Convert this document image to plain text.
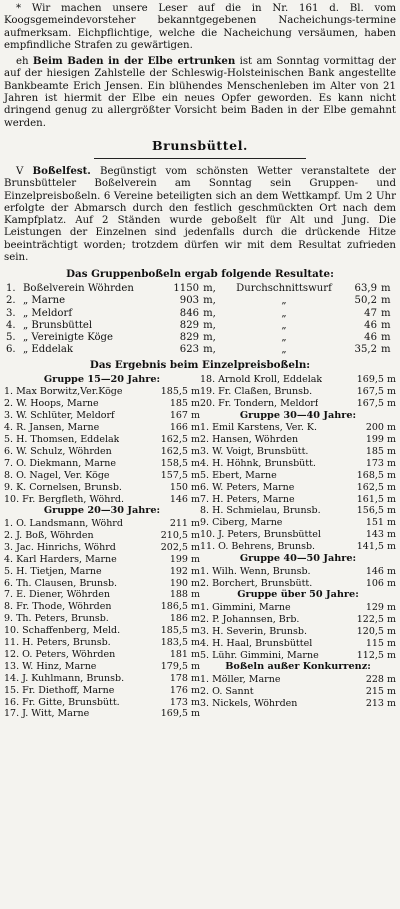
* Wir machen unsere Leser auf die in Nr. 161 d. Bl. vom Koogsgemeindevorsteher bekanntgegebenen Nacheichungs-termine aufmerksam. Eichpflichtige, welche die Nacheichung versäumen, haben empfindliche Strafen zu gewärtigen.

eh Beim Baden in der Elbe ertrunken ist am Sonntag vormittag der auf der hiesigen Zahlstelle der Schleswig-Holsteinischen Bank angestellte Bankbeamte Erich Jensen. Ein blühendes Menschenleben im Alter von 21 Jahren ist hiermit der Elbe ein neues Opfer geworden. Es kann nicht dringend genug zu allergrößter Vorsicht beim Baden in der Elbe gemahnt werden.

Brunsbüttel.

V Boßelfest. Begünstigt vom schönsten Wetter veranstaltete der Brunsbütteler Boßelverein am Sonntag sein Gruppen- und Einzelpreisboßeln. 6 Vereine beteiligten sich an dem Wettkampf. Um 2 Uhr erfolgte der Abmarsch durch den festlich geschmückten Ort nach dem Kampfplatz. Auf 2 Ständen wurde geboßelt für Alt und Jung. Die Leistungen der Einzelnen sind jedenfalls durch die drückende Hitze beeinträchtigt worden; trotzdem dürfen wir mit dem Resultat zufrieden sein.

Das Gruppenboßeln ergab folgende Resultate:
1.	Boßelverein Wöhrden	1150	m,	Durchschnittswurf	63,9	m
2.	„ Marne	903	m,	„	50,2	m
3.	„ Meldorf	846	m,	„	47	m
4.	„ Brunsbüttel	829	m,	„	46	m
5.	„ Vereinigte Köge	829	m,	„	46	m
6.	„ Eddelak	623	m,	„	35,2	m
Das Ergebnis beim Einzelpreisboßeln:
Gruppe 15—20 Jahre:
1. Max Borwitz,Ver.Köge	185,5 m
2. W. Hoops, Marne	185 m
3. W. Schlüter, Meldorf	167 m
4. R. Jansen, Marne	166 m
5. H. Thomsen, Eddelak	162,5 m
6. W. Schulz, Wöhrden	162,5 m
7. O. Diekmann, Marne	158,5 m
8. O. Nagel, Ver. Köge	157,5 m
9. K. Cornelsen, Brunsb.	150 m
10. Fr. Bergfleth, Wöhrd.	146 m
Gruppe 20—30 Jahre:
1. O. Landsmann, Wöhrd	211 m
2. J. Boß, Wöhrden	210,5 m
3. Jac. Hinrichs, Wöhrd	202,5 m
4. Karl Harders, Marne	199 m
5. H. Tietjen, Marne	192 m
6. Th. Clausen, Brunsb.	190 m
7. E. Diener, Wöhrden	188 m
8. Fr. Thode, Wöhrden	186,5 m
9. Th. Peters, Brunsb.	186 m
10. Schaffenberg, Meld.	185,5 m
11. H. Peters, Brunsb.	183,5 m
12. O. Peters, Wöhrden	181 m
13. W. Hinz, Marne	179,5 m
14. J. Kuhlmann, Brunsb.	178 m
15. Fr. Diethoff, Marne	176 m
16. Fr. Gitte, Brunsbütt.	173 m
17. J. Witt, Marne	169,5 m
18. Arnold Kroll, Eddelak	169,5 m
19. Fr. Claßen, Brunsb.	167,5 m
20. Fr. Tondern, Meldorf	167,5 m
Gruppe 30—40 Jahre:
1. Emil Karstens, Ver. K.	200 m
2. Hansen, Wöhrden	199 m
3. W. Voigt, Brunsbütt.	185 m
4. H. Höhnk, Brunsbütt.	173 m
5. Ebert, Marne	168,5 m
6. W. Peters, Marne	162,5 m
7. H. Peters, Marne	161,5 m
8. H. Schmielau, Brunsb.	156,5 m
9. Ciberg, Marne	151 m
10. J. Peters, Brunsbüttel	143 m
11. O. Behrens, Brunsb.	141,5 m
Gruppe 40—50 Jahre:
1. Wilh. Wenn, Brunsb.	146 m
2. Borchert, Brunsbütt.	106 m
Gruppe über 50 Jahre:
1. Gimmini, Marne	129 m
2. P. Johannsen, Brb.	122,5 m
3. H. Severin, Brunsb.	120,5 m
4. H. Haal, Brunsbüttel	115 m
5. Lühr. Gimmini, Marne	112,5 m
Boßeln außer Konkurrenz:
1. Möller, Marne	228 m
2. O. Sannt	215 m
3. Nickels, Wöhrden	213 m
